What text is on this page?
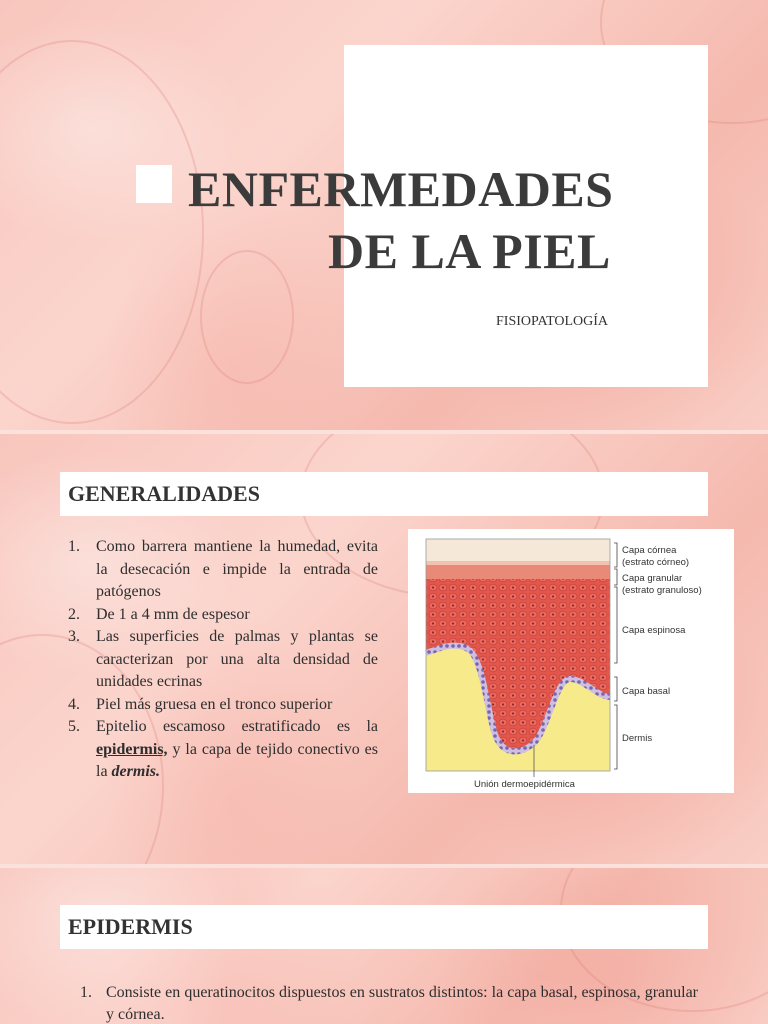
ENFERMEDADES
DE LA PIEL
FISIOPATOLOGÍA
GENERALIDADES
1. Como barrera mantiene la humedad, evita la desecación e impide la entrada de patógenos
2. De 1 a 4 mm de espesor
3. Las superficies de palmas y plantas se caracterizan por una alta densidad de unidades ecrinas
4. Piel más gruesa en el tronco superior
5. Epitelio escamoso estratificado es la epidermis, y la capa de tejido conectivo es la dermis.
Capa córnea
(estrato córneo)
Capa granular
(estrato granuloso)
Capa espinosa
Capa basal
Dermis
Unión dermoepidérmica
EPIDERMIS
1. Consiste en queratinocitos dispuestos en sustratos distintos: la capa basal, espinosa, granular y córnea.
